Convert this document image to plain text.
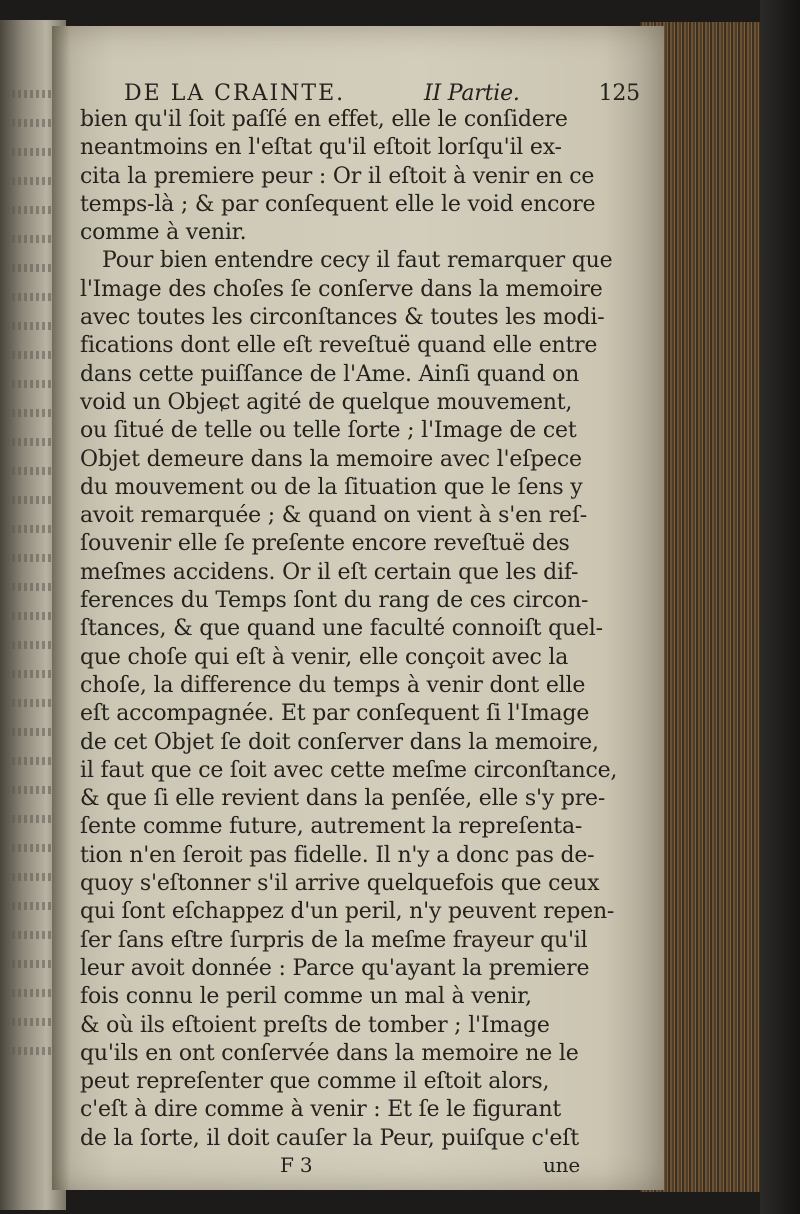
DE LA CRAINTE.	II Partie.	125
bien qu'il ſoit paſſé en effet, elle le conſidere
neantmoins en l'eſtat qu'il eſtoit lorſqu'il ex-
cita la premiere peur : Or il eſtoit à venir en ce
temps-là ; & par conſequent elle le void encore
comme à venir.
Pour bien entendre cecy il faut remarquer que
l'Image des choſes ſe conſerve dans la memoire
avec toutes les circonſtances & toutes les modi-
fications dont elle eſt reveſtuë quand elle entre
dans cette puiſſance de l'Ame. Ainſi quand on
void un Objeɕt agité de quelque mouvement,
ou ſitué de telle ou telle ſorte ; l'Image de cet
Objet demeure dans la memoire avec l'eſpece
du mouvement ou de la ſituation que le ſens y
avoit remarquée ; & quand on vient à s'en reſ-
ſouvenir elle ſe preſente encore reveſtuë des
meſmes accidens. Or il eſt certain que les dif-
ferences du Temps ſont du rang de ces circon-
ſtances, & que quand une faculté connoiſt quel-
que choſe qui eſt à venir, elle conçoit avec la
choſe, la difference du temps à venir dont elle
eſt accompagnée. Et par conſequent ſi l'Image
de cet Objet ſe doit conſerver dans la memoire,
il faut que ce ſoit avec cette meſme circonſtance,
& que ſi elle revient dans la penſée, elle s'y pre-
ſente comme future, autrement la repreſenta-
tion n'en ſeroit pas fidelle. Il n'y a donc pas de-
quoy s'eſtonner s'il arrive quelquefois que ceux
qui ſont eſchappez d'un peril, n'y peuvent repen-
ſer ſans eſtre ſurpris de la meſme frayeur qu'il
leur avoit donnée : Parce qu'ayant la premiere
fois connu le peril comme un mal à venir,
& où ils eſtoient preſts de tomber ; l'Image
qu'ils en ont conſervée dans la memoire ne le
peut repreſenter que comme il eſtoit alors,
c'eſt à dire comme à venir : Et ſe le figurant
de la ſorte, il doit cauſer la Peur, puiſque c'eſt
F 3	une
